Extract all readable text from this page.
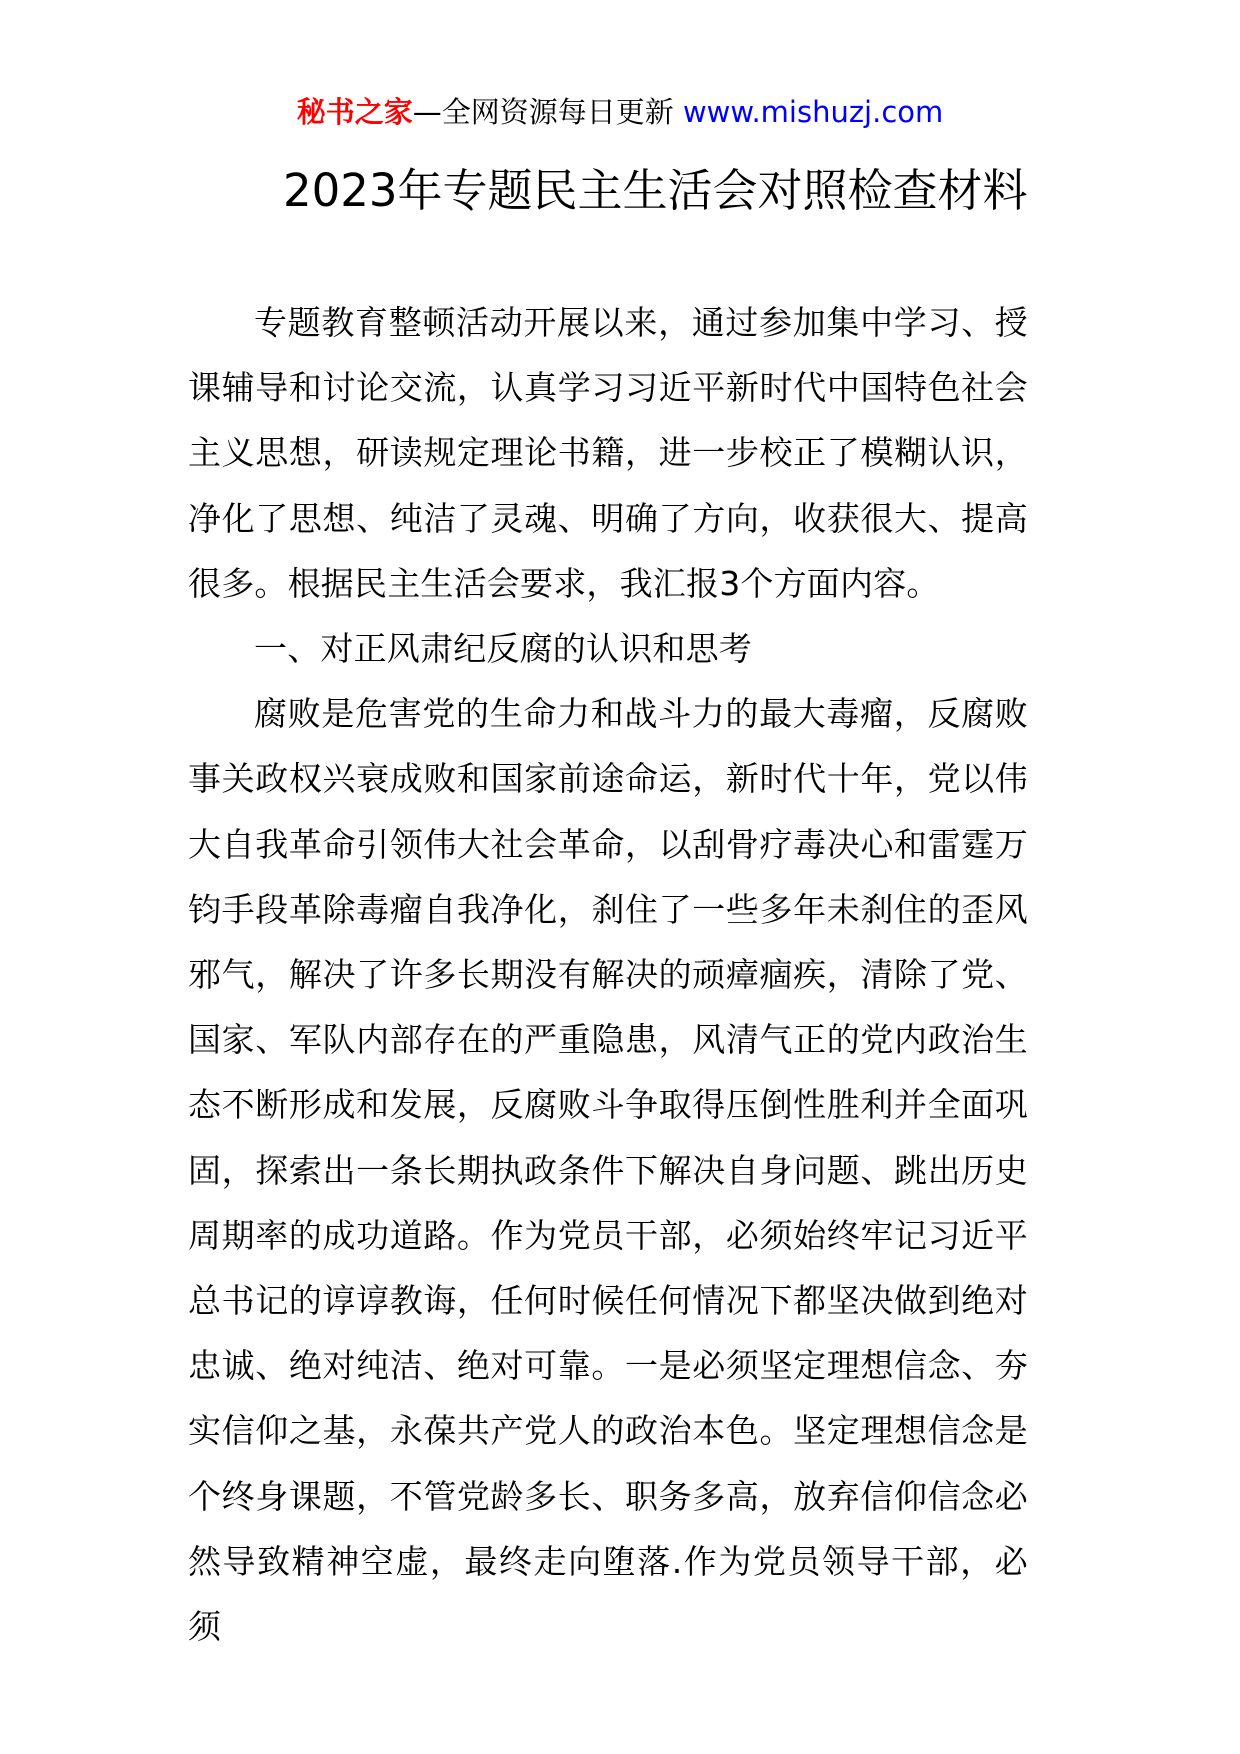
秘书之家—全网资源每日更新 www.mishuzj.com
2023年专题民主生活会对照检查材料

专题教育整顿活动开展以来，通过参加集中学习、授课辅导和讨论交流，认真学习习近平新时代中国特色社会主义思想，研读规定理论书籍，进一步校正了模糊认识，净化了思想、纯洁了灵魂、明确了方向，收获很大、提高很多。根据民主生活会要求，我汇报3个方面内容。

一、对正风肃纪反腐的认识和思考

腐败是危害党的生命力和战斗力的最大毒瘤，反腐败事关政权兴衰成败和国家前途命运，新时代十年，党以伟大自我革命引领伟大社会革命，以刮骨疗毒决心和雷霆万钧手段革除毒瘤自我净化，刹住了一些多年未刹住的歪风邪气，解决了许多长期没有解决的顽瘴痼疾，清除了党、国家、军队内部存在的严重隐患，风清气正的党内政治生态不断形成和发展，反腐败斗争取得压倒性胜利并全面巩固，探索出一条长期执政条件下解决自身问题、跳出历史周期率的成功道路。作为党员干部，必须始终牢记习近平总书记的谆谆教诲，任何时候任何情况下都坚决做到绝对忠诚、绝对纯洁、绝对可靠。一是必须坚定理想信念、夯实信仰之基，永葆共产党人的政治本色。坚定理想信念是个终身课题，不管党龄多长、职务多高，放弃信仰信念必然导致精神空虚，最终走向堕落.作为党员领导干部，必须
